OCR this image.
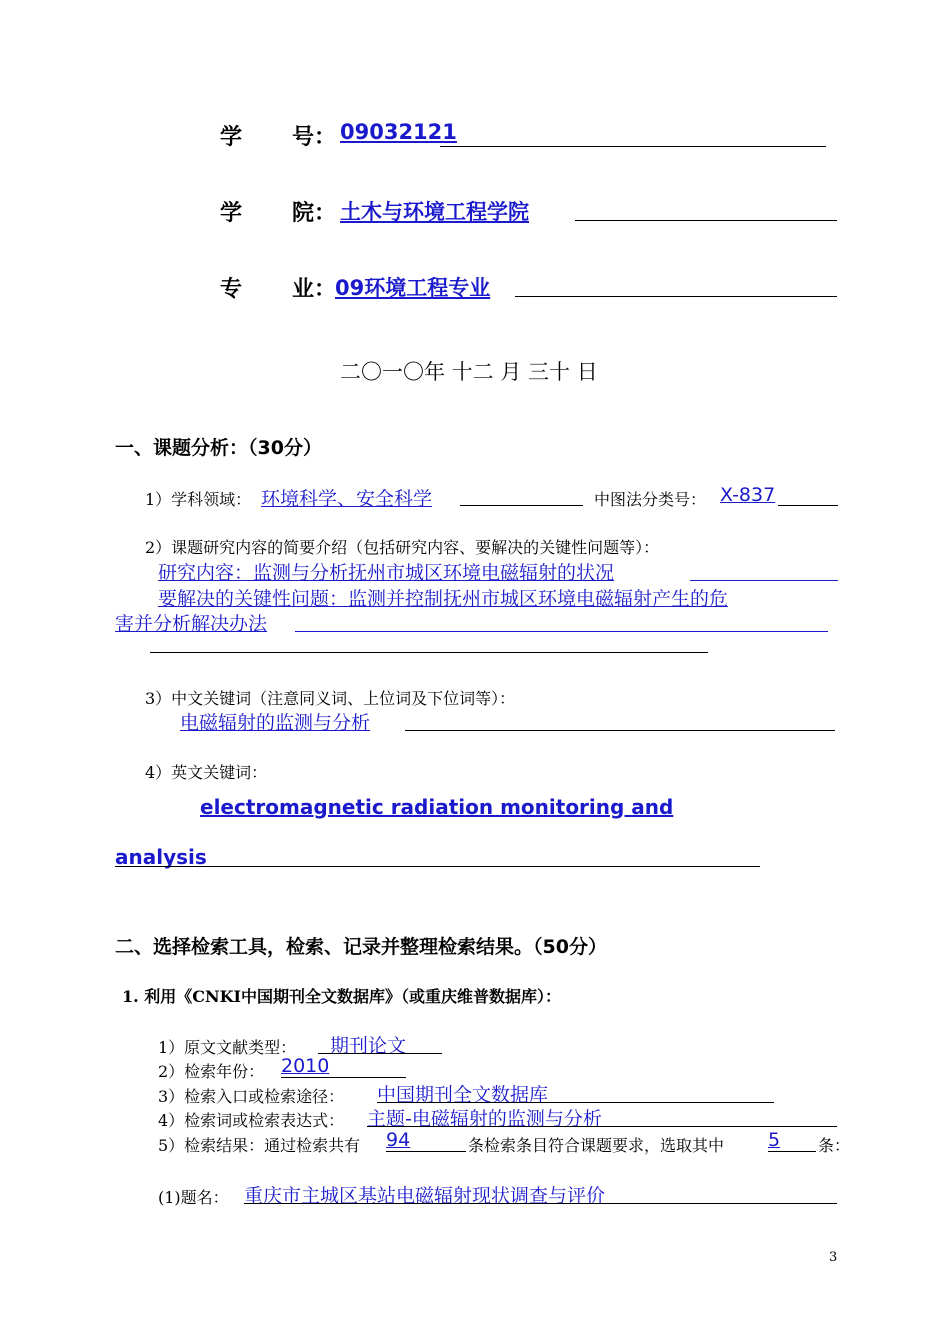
学 号： 09032121
学 院： 土木与环境工程学院
专 业：
09环境工程专业
二〇一〇年 十二 月 三十 日
一、课题分析：（30分）
1）学科领域： 环境科学、安全科学	中图法分类号： X-837
2）课题研究内容的简要介绍（包括研究内容、要解决的关键性问题等）：
研究内容：监测与分析抚州市城区环境电磁辐射的状况
要解决的关键性问题：监测并控制抚州市城区环境电磁辐射产生的危
害并分析解决办法
3）中文关键词（注意同义词、上位词及下位词等）：
电磁辐射的监测与分析
4）英文关键词：
electromagnetic radiation monitoring and
analysis
二、选择检索工具，检索、记录并整理检索结果。（50分）
1. 利用《CNKI中国期刊全文数据库》（或重庆维普数据库）：
1）原文文献类型： 期刊论文
2）检索年份： 2010
3）检索入口或检索途径： 中国期刊全文数据库
4）检索词或检索表达式： 主题-电磁辐射的监测与分析
5）检索结果：通过检索共有 94	条检索条目符合课题要求，选取其中 5 条：
(1)题名： 重庆市主城区基站电磁辐射现状调查与评价
3
